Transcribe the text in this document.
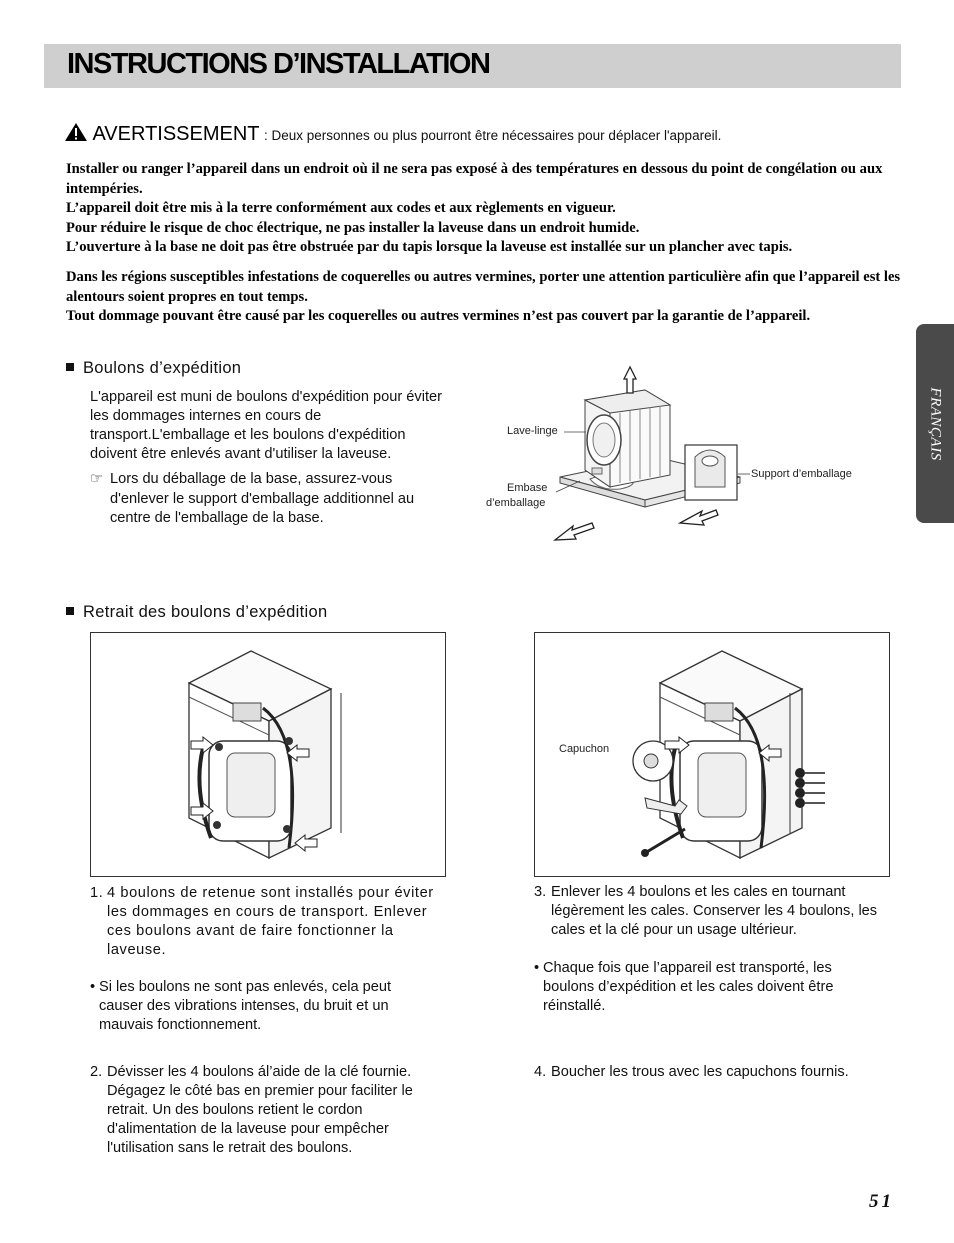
INSTRUCTIONS D’INSTALLATION
FRANÇAIS
AVERTISSEMENT : Deux personnes ou plus pourront être nécessaires pour déplacer l'appareil.

Installer ou ranger l’appareil dans un endroit où il ne sera pas exposé à des températures en dessous du point de congélation ou aux intempéries.

L’appareil doit être mis à la terre conformément aux codes et aux règlements en vigueur.

Pour réduire le risque de choc électrique, ne pas installer la laveuse dans un endroit humide.

L’ouverture à la base ne doit pas être obstruée par du tapis lorsque la laveuse est installée sur un plancher avec tapis.

Dans les régions susceptibles infestations de coquerelles ou autres vermines, porter une attention particulière afin que l’appareil est les alentours soient propres en tout temps.

Tout dommage pouvant être causé par les coquerelles ou autres vermines n’est pas couvert par la garantie de l’appareil.

Boulons d’expédition
L'appareil est muni de boulons d'expédition pour éviter les dommages internes en cours de transport.L'emballage et les boulons d'expédition doivent être enlevés avant d'utiliser la laveuse.
☞ Lors du déballage de la base, assurez-vous d'enlever le support d'emballage additionnel au centre de l'emballage de la base.
Lave-linge
Embase
d’emballage
Support d’emballage
Retrait des boulons d’expédition
Capuchon
1. 4 boulons de retenue sont installés pour éviter les dommages en cours de transport. Enlever ces boulons avant de faire fonctionner la laveuse.
• Si les boulons ne sont pas enlevés, cela peut causer des vibrations intenses, du bruit et un mauvais fonctionnement.
2. Dévisser les 4 boulons ál’aide de la clé fournie. Dégagez le côté bas en premier pour faciliter le retrait. Un des boulons retient le cordon d'alimentation de la laveuse pour empêcher l'utilisation sans le retrait des boulons.
3. Enlever les 4 boulons et les cales en tournant légèrement les cales. Conserver les 4 boulons, les cales et la clé pour un usage ultérieur.
• Chaque fois que l’appareil est transporté, les boulons d’expédition et les cales doivent être réinstallé.
4. Boucher les trous avec les capuchons fournis.
51
